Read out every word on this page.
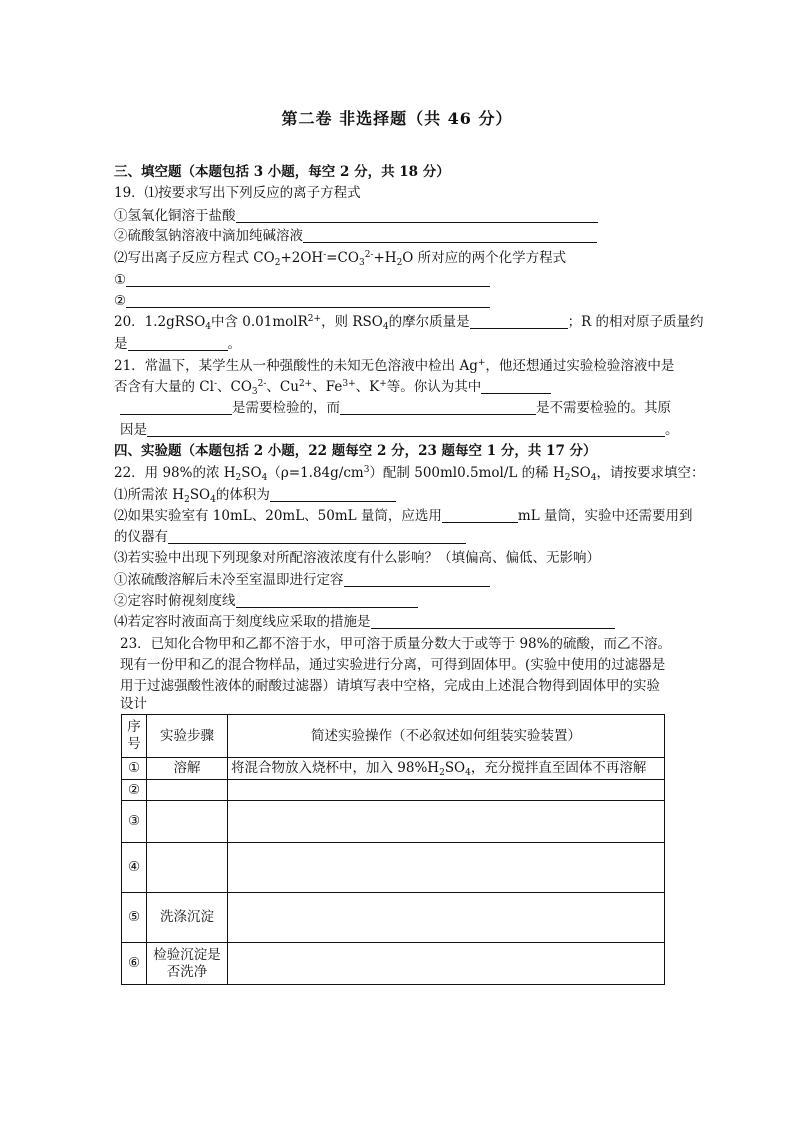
第二卷 非选择题（共 46 分）
三、填空题（本题包括 3 小题，每空 2 分，共 18 分）
19．⑴按要求写出下列反应的离子方程式
①氢氧化铜溶于盐酸
②硫酸氢钠溶液中滴加纯碱溶液
⑵写出离子反应方程式 $CO_2+2OH^-=CO_3^{2-}+H_2O$ 所对应的两个化学方程式
①
②
20．1.2gRSO$_4$中含 0.01molR$^{2+}$，则 $RSO_4$的摩尔质量是	；R 的相对原子质量约
是	。
21．常温下，某学生从一种强酸性的未知无色溶液中检出 Ag+，他还想通过实验检验溶液中是
否含有大量的 Cl-、$CO_3^{2-}$、$Cu^{2+}$、$Fe^{3+}$、K+等。你认为其中
是需要检验的，而	是不需要检验的。其原
因是	。
四、实验题（本题包括 2 小题，22 题每空 2 分，23 题每空 1 分，共 17 分）
22．用 98%的浓 $H_2SO_4(\rho=1.84g/cm^3)$配制 500ml0.5mol/L 的稀 $H_2SO_4$，请按要求填空：
⑴所需浓 $H_2SO_4$的体积为
⑵如果实验室有 10mL、20mL、50mL 量筒，应选用	mL 量筒，实验中还需要用到
的仪器有
⑶若实验中出现下列现象对所配溶液浓度有什么影响？（填偏高、偏低、无影响）
①浓硫酸溶解后未冷至室温即进行定容
②定容时俯视刻度线
⑷若定容时液面高于刻度线应采取的措施是
23．已知化合物甲和乙都不溶于水，甲可溶于质量分数大于或等于 98%的硫酸，而乙不溶。
现有一份甲和乙的混合物样品，通过实验进行分离，可得到固体甲。(实验中使用的过滤器是
用于过滤强酸性液体的耐酸过滤器）请填写表中空格，完成由上述混合物得到固体甲的实验
设计
序
号	实验步骤	简述实验操作（不必叙述如何组装实验装置）
①	溶解	将混合物放入烧杯中，加入 $98\%H_2SO_4$，充分搅拌直至固体不再溶解
②		
③		
④		
⑤	洗涤沉淀	
⑥	检验沉淀是
否洗净	
